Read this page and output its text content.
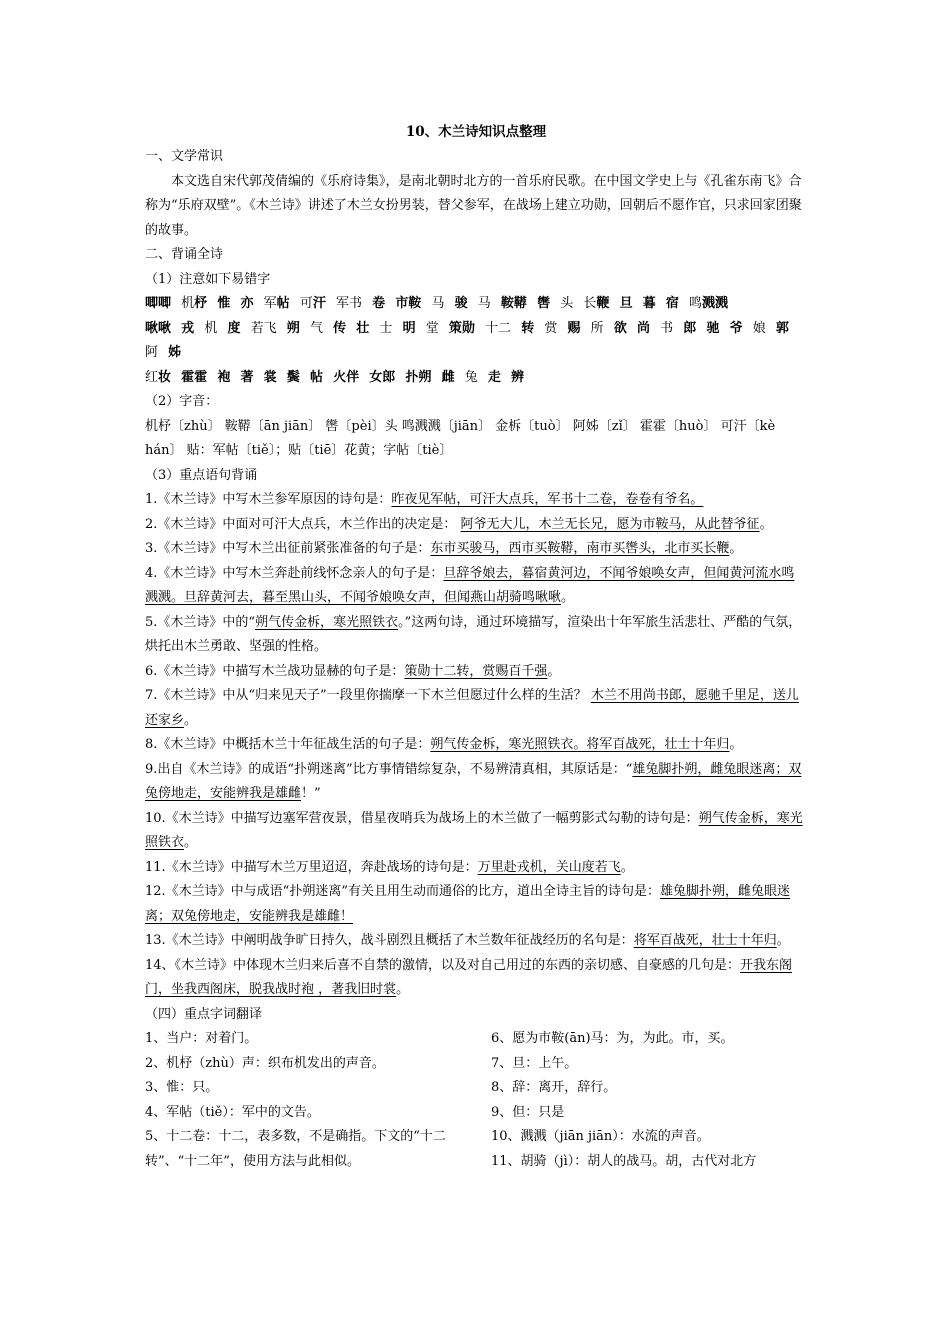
10、木兰诗知识点整理

一、文学常识

本文选自宋代郭茂倩编的《乐府诗集》，是南北朝时北方的一首乐府民歌。在中国文学史上与《孔雀东南飞》合称为“乐府双壁”。《木兰诗》讲述了木兰女扮男装，替父参军，在战场上建立功勋，回朝后不愿作官，只求回家团聚的故事。

二、背诵全诗

（1）注意如下易错字

唧唧 机杼 惟 亦 军帖 可汗 军书 卷 市鞍 马 骏 马 鞍鞯 辔 头 长鞭 旦 暮 宿 鸣溅溅
啾啾 戎 机 度 若飞 朔 气 传 壮 士 明 堂 策勋 十二 转 赏 赐 所 欲 尚 书 郎 驰 爷 娘 郭 阿 姊
红妆 霍霍 袍 著 裳 鬓 帖 火伴 女郎 扑朔 雌 兔 走 辨

（2）字音：

机杼〔zhù〕 鞍鞯〔ān jiān〕 辔〔pèi〕头 鸣溅溅〔jiān〕 金柝〔tuò〕 阿姊〔zǐ〕 霍霍〔huò〕 可汗〔kè hán〕 贴：军帖〔tiě〕；贴〔tiē〕花黄；字帖〔tiè〕

（3）重点语句背诵

1.《木兰诗》中写木兰参军原因的诗句是：昨夜见军帖，可汗大点兵，军书十二卷，卷卷有爷名。

2.《木兰诗》中面对可汗大点兵，木兰作出的决定是： 阿爷无大儿，木兰无长兄，愿为市鞍马，从此替爷征。

3.《木兰诗》中写木兰出征前紧张准备的句子是：东市买骏马，西市买鞍鞯，南市买辔头，北市买长鞭。

4.《木兰诗》中写木兰奔赴前线怀念亲人的句子是：旦辞爷娘去，暮宿黄河边，不闻爷娘唤女声，但闻黄河流水鸣溅溅。旦辞黄河去，暮至黑山头，不闻爷娘唤女声，但闻燕山胡骑鸣啾啾。

5.《木兰诗》中的“朔气传金柝，寒光照铁衣。”这两句诗，通过环境描写，渲染出十年军旅生活悲壮、严酷的气氛，烘托出木兰勇敢、坚强的性格。

6.《木兰诗》中描写木兰战功显赫的句子是：策勋十二转，赏赐百千强。

7.《木兰诗》中从“归来见天子”一段里你揣摩一下木兰但愿过什么样的生活？ 木兰不用尚书郎，愿驰千里足，送儿还家乡。

8.《木兰诗》中概括木兰十年征战生活的句子是：朔气传金柝，寒光照铁衣。将军百战死，壮士十年归。

9.出自《木兰诗》的成语“扑朔迷离”比方事情错综复杂，不易辨清真相，其原话是：“雄兔脚扑朔，雌兔眼迷离；双兔傍地走，安能辨我是雄雌！”

10.《木兰诗》中描写边塞军营夜景，借星夜哨兵为战场上的木兰做了一幅剪影式勾勒的诗句是：朔气传金柝，寒光照铁衣。

11.《木兰诗》中描写木兰万里迢迢，奔赴战场的诗句是：万里赴戎机，关山度若飞。

12.《木兰诗》中与成语“扑朔迷离”有关且用生动而通俗的比方，道出全诗主旨的诗句是：雄兔脚扑朔，雌兔眼迷离；双兔傍地走，安能辨我是雄雌！

13.《木兰诗》中阐明战争旷日持久，战斗剧烈且概括了木兰数年征战经历的名句是：将军百战死，壮士十年归。

14、《木兰诗》中体现木兰归来后喜不自禁的激情，以及对自己用过的东西的亲切感、自豪感的几句是：开我东阁门，坐我西阁床，脱我战时袍 ，著我旧时裳。

（四）重点字词翻译

1、当户：对着门。

2、机杼（zhù）声：织布机发出的声音。

3、惟：只。

4、军帖（tiě）：军中的文告。

5、十二卷：十二，表多数，不是确指。下文的“十二转”、“十二年”，使用方法与此相似。

6、愿为市鞍(ān)马：为，为此。市，买。

7、旦：上午。

8、辞：离开，辞行。

9、但：只是

10、溅溅（jiān jiān）：水流的声音。

11、胡骑（jì）：胡人的战马。胡，古代对北方
